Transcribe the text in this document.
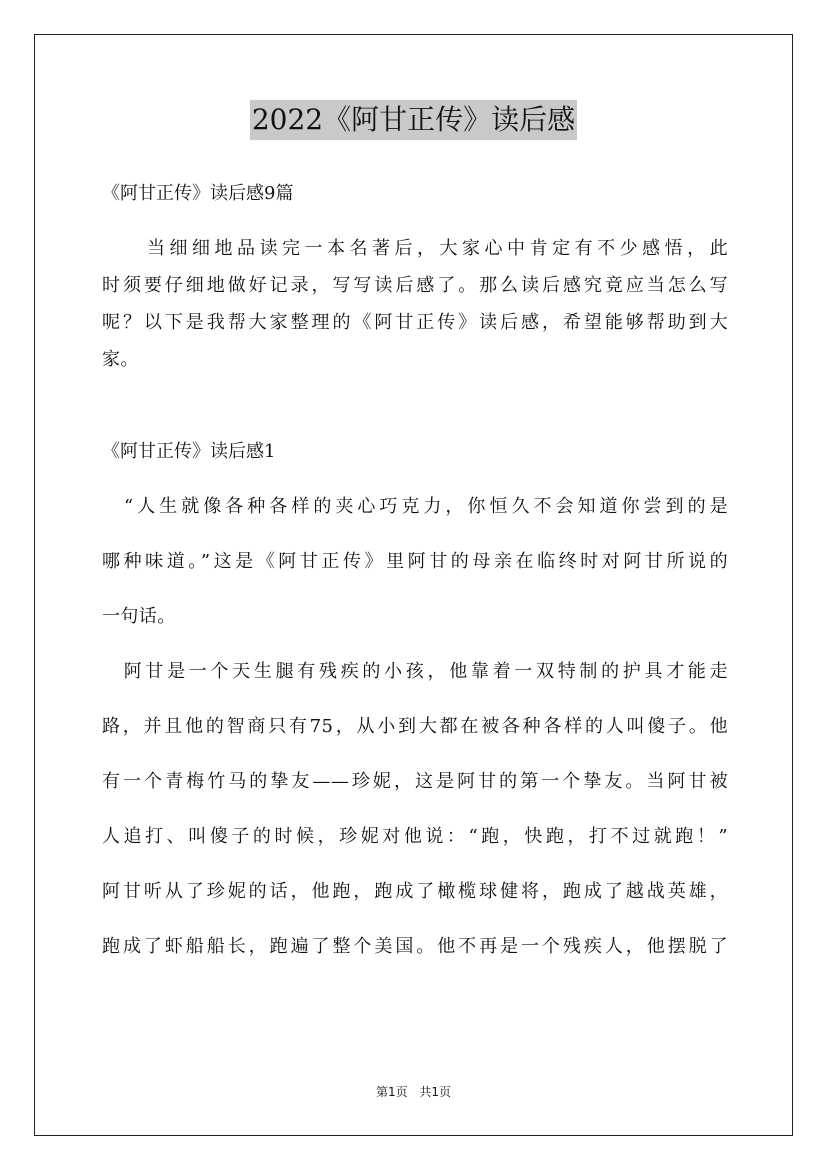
2022《阿甘正传》读后感
《阿甘正传》读后感9篇
　　当细细地品读完一本名著后，大家心中肯定有不少感悟，此
时须要仔细地做好记录，写写读后感了。那么读后感究竟应当怎么写
呢？以下是我帮大家整理的《阿甘正传》读后感，希望能够帮助到大
家。
《阿甘正传》读后感1
　“人生就像各种各样的夹心巧克力，你恒久不会知道你尝到的是
哪种味道。”这是《阿甘正传》里阿甘的母亲在临终时对阿甘所说的
一句话。
　阿甘是一个天生腿有残疾的小孩，他靠着一双特制的护具才能走
路，并且他的智商只有75，从小到大都在被各种各样的人叫傻子。他
有一个青梅竹马的挚友——珍妮，这是阿甘的第一个挚友。当阿甘被
人追打、叫傻子的时候，珍妮对他说：“跑，快跑，打不过就跑！”
阿甘听从了珍妮的话，他跑，跑成了橄榄球健将，跑成了越战英雄，
跑成了虾船船长，跑遍了整个美国。他不再是一个残疾人，他摆脱了
第1页 共1页
